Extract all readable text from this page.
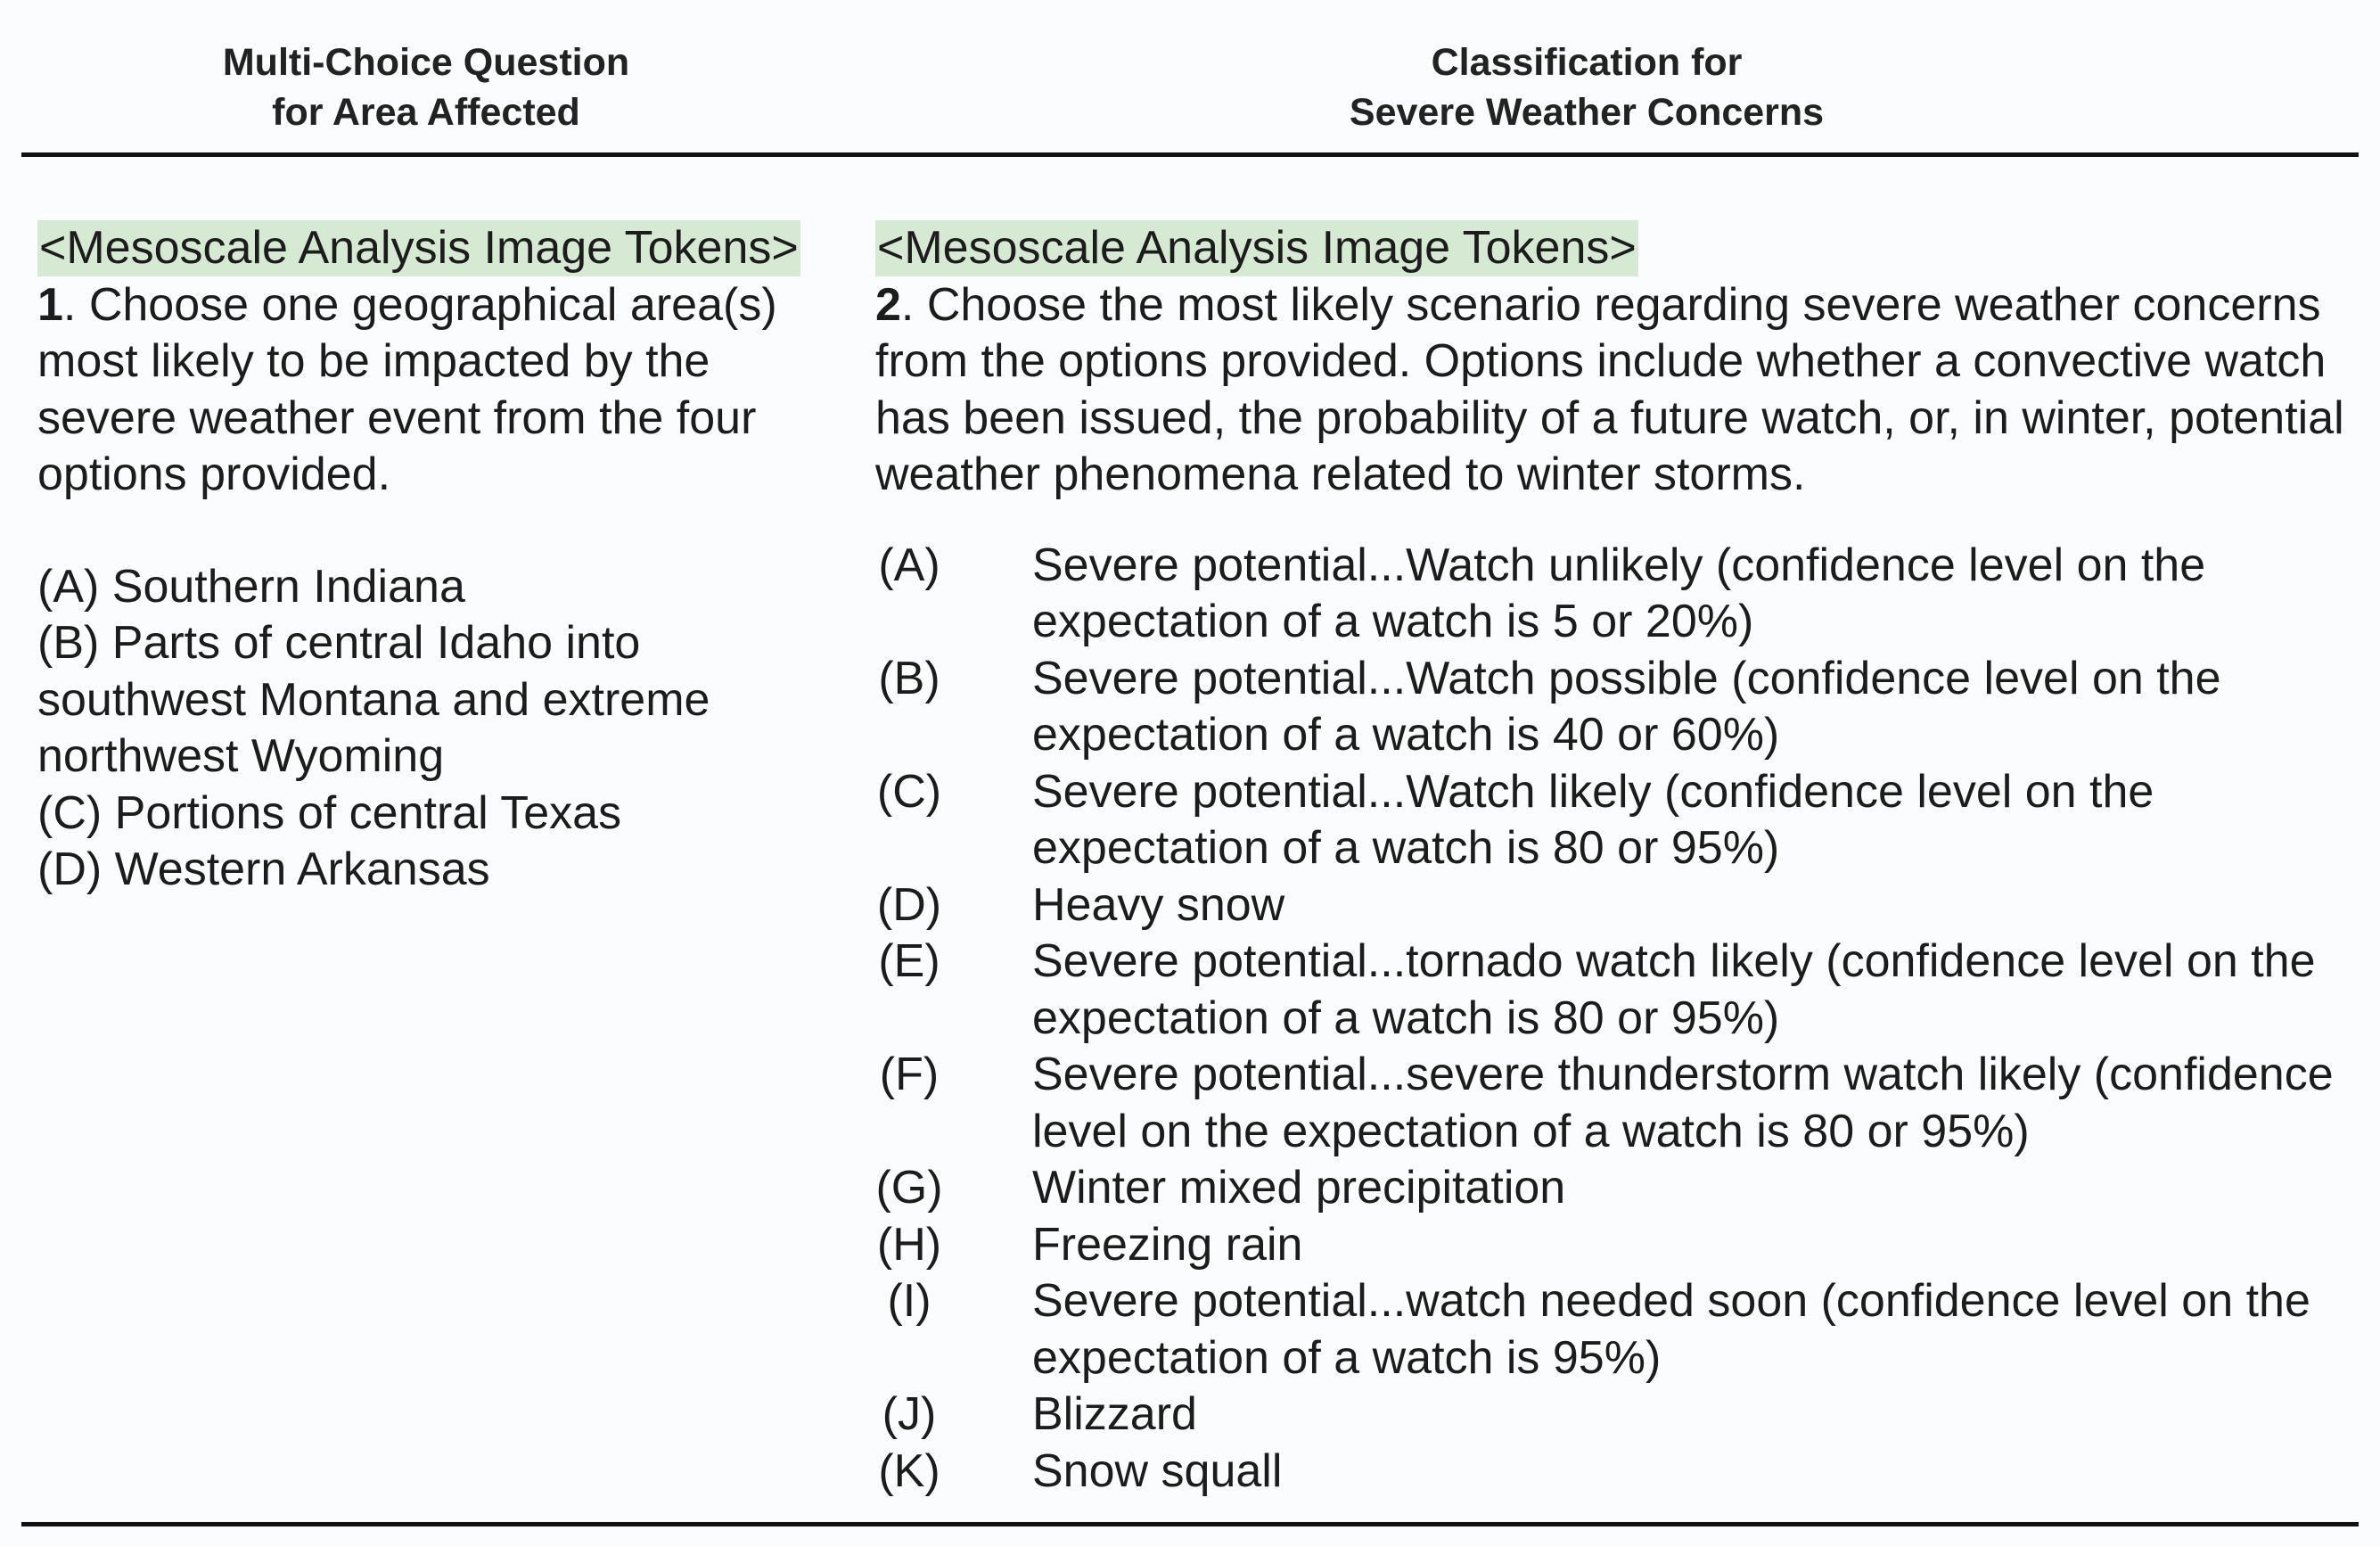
Multi-Choice Question
for Area Affected
Classification for
Severe Weather Concerns
<Mesoscale Analysis Image Tokens>

1. Choose one geographical area(s) most likely to be impacted by the severe weather event from the four options provided.

(A) Southern Indiana

(B) Parts of central Idaho into southwest Montana and extreme northwest Wyoming

(C) Portions of central Texas

(D) Western Arkansas

<Mesoscale Analysis Image Tokens>

2. Choose the most likely scenario regarding severe weather concerns from the options provided. Options include whether a convective watch has been issued, the probability of a future watch, or, in winter, potential weather phenomena related to winter storms.

(A) Severe potential...Watch unlikely (confidence level on the expectation of a watch is 5 or 20%)
(B) Severe potential...Watch possible (confidence level on the expectation of a watch is 40 or 60%)
(C) Severe potential...Watch likely (confidence level on the expectation of a watch is 80 or 95%)
(D) Heavy snow
(E) Severe potential...tornado watch likely (confidence level on the expectation of a watch is 80 or 95%)
(F) Severe potential...severe thunderstorm watch likely (confidence level on the expectation of a watch is 80 or 95%)
(G) Winter mixed precipitation
(H) Freezing rain
(I) Severe potential...watch needed soon (confidence level on the expectation of a watch is 95%)
(J) Blizzard
(K) Snow squall
